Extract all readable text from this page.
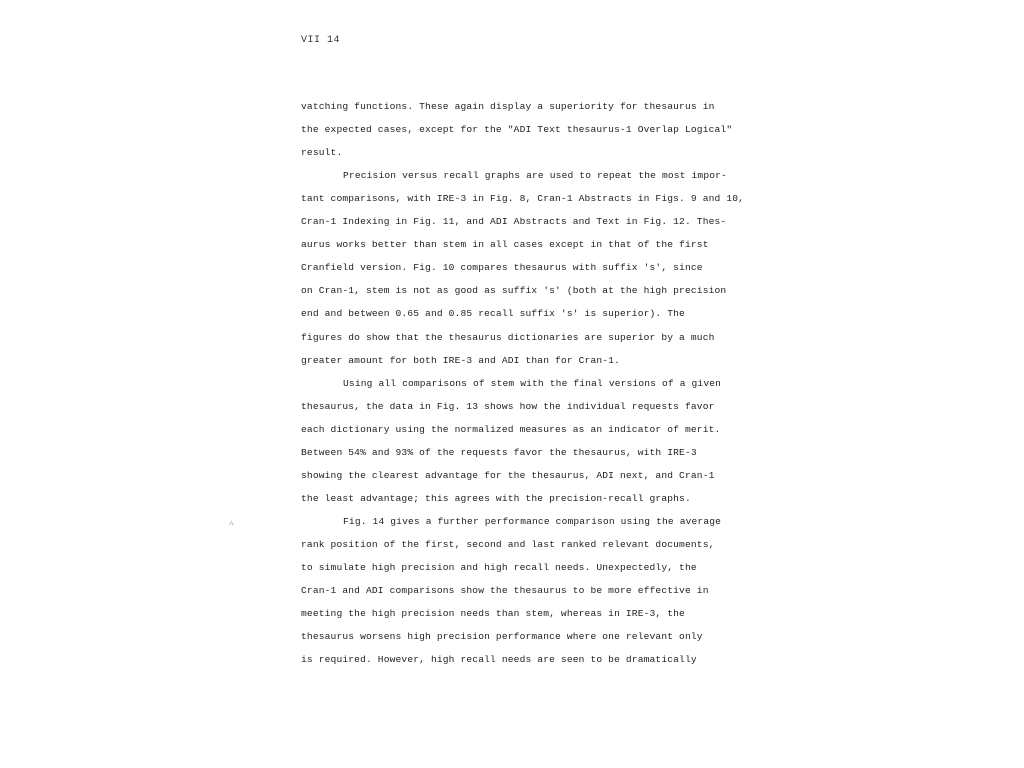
VII 14
^
vatching functions. These again display a superiority for thesaurus in
the expected cases, except for the "ADI Text thesaurus-1 Overlap Logical"
result.
Precision versus recall graphs are used to repeat the most impor-
tant comparisons, with IRE-3 in Fig. 8, Cran-1 Abstracts in Figs. 9 and 10,
Cran-1 Indexing in Fig. 11, and ADI Abstracts and Text in Fig. 12. Thes-
aurus works better than stem in all cases except in that of the first
Cranfield version. Fig. 10 compares thesaurus with suffix 's', since
on Cran-1, stem is not as good as suffix 's' (both at the high precision
end and between 0.65 and 0.85 recall suffix 's' is superior). The
figures do show that the thesaurus dictionaries are superior by a much
greater amount for both IRE-3 and ADI than for Cran-1.
Using all comparisons of stem with the final versions of a given
thesaurus, the data in Fig. 13 shows how the individual requests favor
each dictionary using the normalized measures as an indicator of merit.
Between 54% and 93% of the requests favor the thesaurus, with IRE-3
showing the clearest advantage for the thesaurus, ADI next, and Cran-1
the least advantage; this agrees with the precision-recall graphs.
Fig. 14 gives a further performance comparison using the average
rank position of the first, second and last ranked relevant documents,
to simulate high precision and high recall needs. Unexpectedly, the
Cran-1 and ADI comparisons show the thesaurus to be more effective in
meeting the high precision needs than stem, whereas in IRE-3, the
thesaurus worsens high precision performance where one relevant only
is required. However, high recall needs are seen to be dramatically
